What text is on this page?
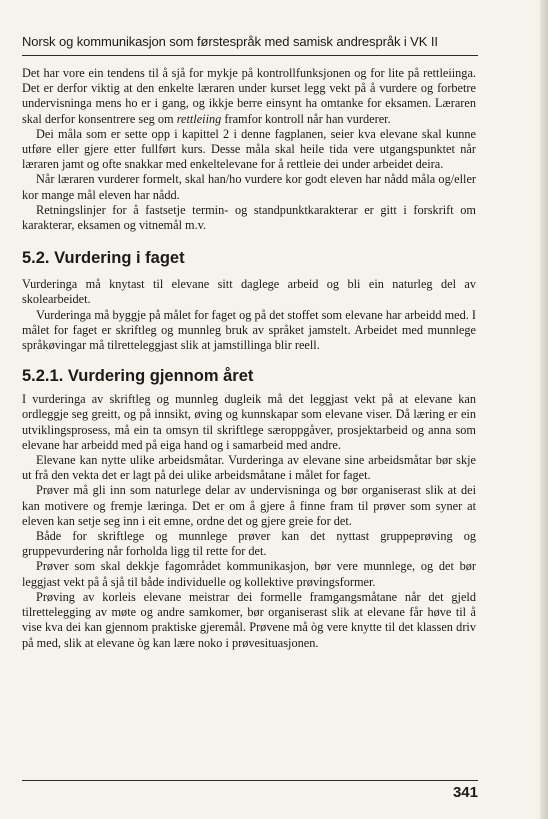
Norsk og kommunikasjon som førstespråk med samisk andrespråk i VK II

Det har vore ein tendens til å sjå for mykje på kontrollfunksjonen og for lite på rettleiinga. Det er derfor viktig at den enkelte læraren under kurset legg vekt på å vurdere og forbetre undervisninga mens ho er i gang, og ikkje berre einsynt ha omtanke for eksamen. Læraren skal derfor konsentrere seg om rettleiing framfor kontroll når han vurderer.

Dei måla som er sette opp i kapittel 2 i denne fagplanen, seier kva elevane skal kunne utføre eller gjere etter fullført kurs. Desse måla skal heile tida vere utgangspunktet når læraren jamt og ofte snakkar med enkeltelevane for å rettleie dei under arbeidet deira.

Når læraren vurderer formelt, skal han/ho vurdere kor godt eleven har nådd måla og/eller kor mange mål eleven har nådd.

Retningslinjer for å fastsetje termin- og standpunktkarakterar er gitt i forskrift om karakterar, eksamen og vitnemål m.v.

5.2. Vurdering i faget

Vurderinga må knytast til elevane sitt daglege arbeid og bli ein naturleg del av skolearbeidet.

Vurderinga må byggje på målet for faget og på det stoffet som elevane har arbeidd med. I målet for faget er skriftleg og munnleg bruk av språket jamstelt. Arbeidet med munnlege språkøvingar må tilretteleggjast slik at jamstillinga blir reell.

5.2.1. Vurdering gjennom året

I vurderinga av skriftleg og munnleg dugleik må det leggjast vekt på at elevane kan ordleggje seg greitt, og på innsikt, øving og kunnskapar som elevane viser. Då læring er ein utviklingsprosess, må ein ta omsyn til skriftlege særoppgåver, prosjektarbeid og anna som elevane har arbeidd med på eiga hand og i samarbeid med andre.

Elevane kan nytte ulike arbeidsmåtar. Vurderinga av elevane sine arbeidsmåtar bør skje ut frå den vekta det er lagt på dei ulike arbeidsmåtane i målet for faget.

Prøver må gli inn som naturlege delar av undervisninga og bør organiserast slik at dei kan motivere og fremje læringa. Det er om å gjere å finne fram til prøver som syner at eleven kan setje seg inn i eit emne, ordne det og gjere greie for det.

Både for skriftlege og munnlege prøver kan det nyttast gruppeprøving og gruppevurdering når forholda ligg til rette for det.

Prøver som skal dekkje fagområdet kommunikasjon, bør vere munnlege, og det bør leggjast vekt på å sjå til både individuelle og kollektive prøvingsformer.

Prøving av korleis elevane meistrar dei formelle framgangsmåtane når det gjeld tilrettelegging av møte og andre samkomer, bør organiserast slik at elevane får høve til å vise kva dei kan gjennom praktiske gjeremål. Prøvene må òg vere knytte til det klassen driv på med, slik at elevane òg kan lære noko i prøvesituasjonen.

341
